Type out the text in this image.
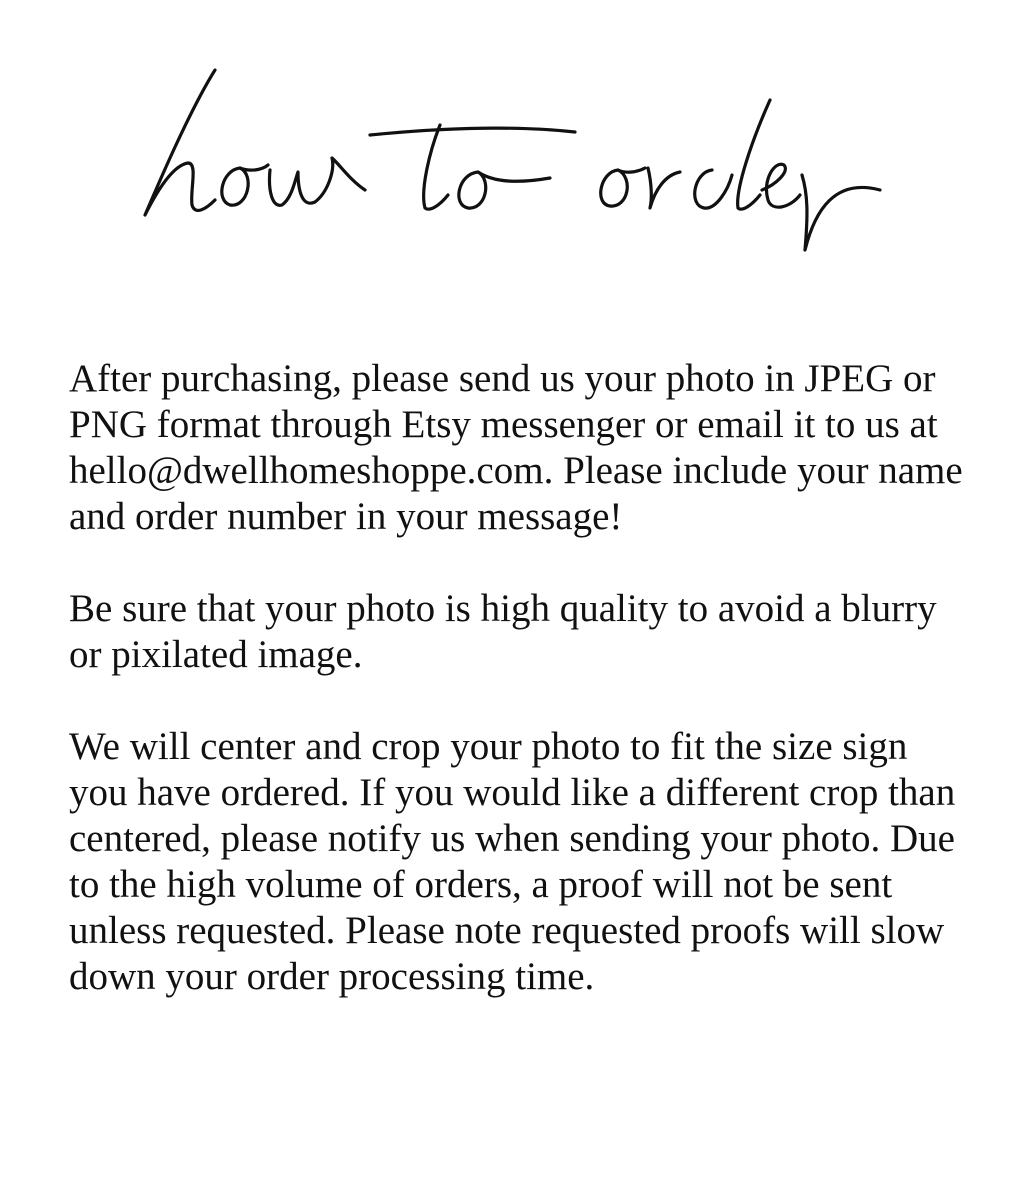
After purchasing, please send us your photo in JPEG or PNG format through Etsy messenger or email it to us at hello@dwellhomeshoppe.com. Please include your name and order number in your message!

Be sure that your photo is high quality to avoid a blurry or pixilated image.

We will center and crop your photo to fit the size sign you have ordered. If you would like a different crop than centered, please notify us when sending your photo. Due to the high volume of orders, a proof will not be sent unless requested. Please note requested proofs will slow down your order processing time.
